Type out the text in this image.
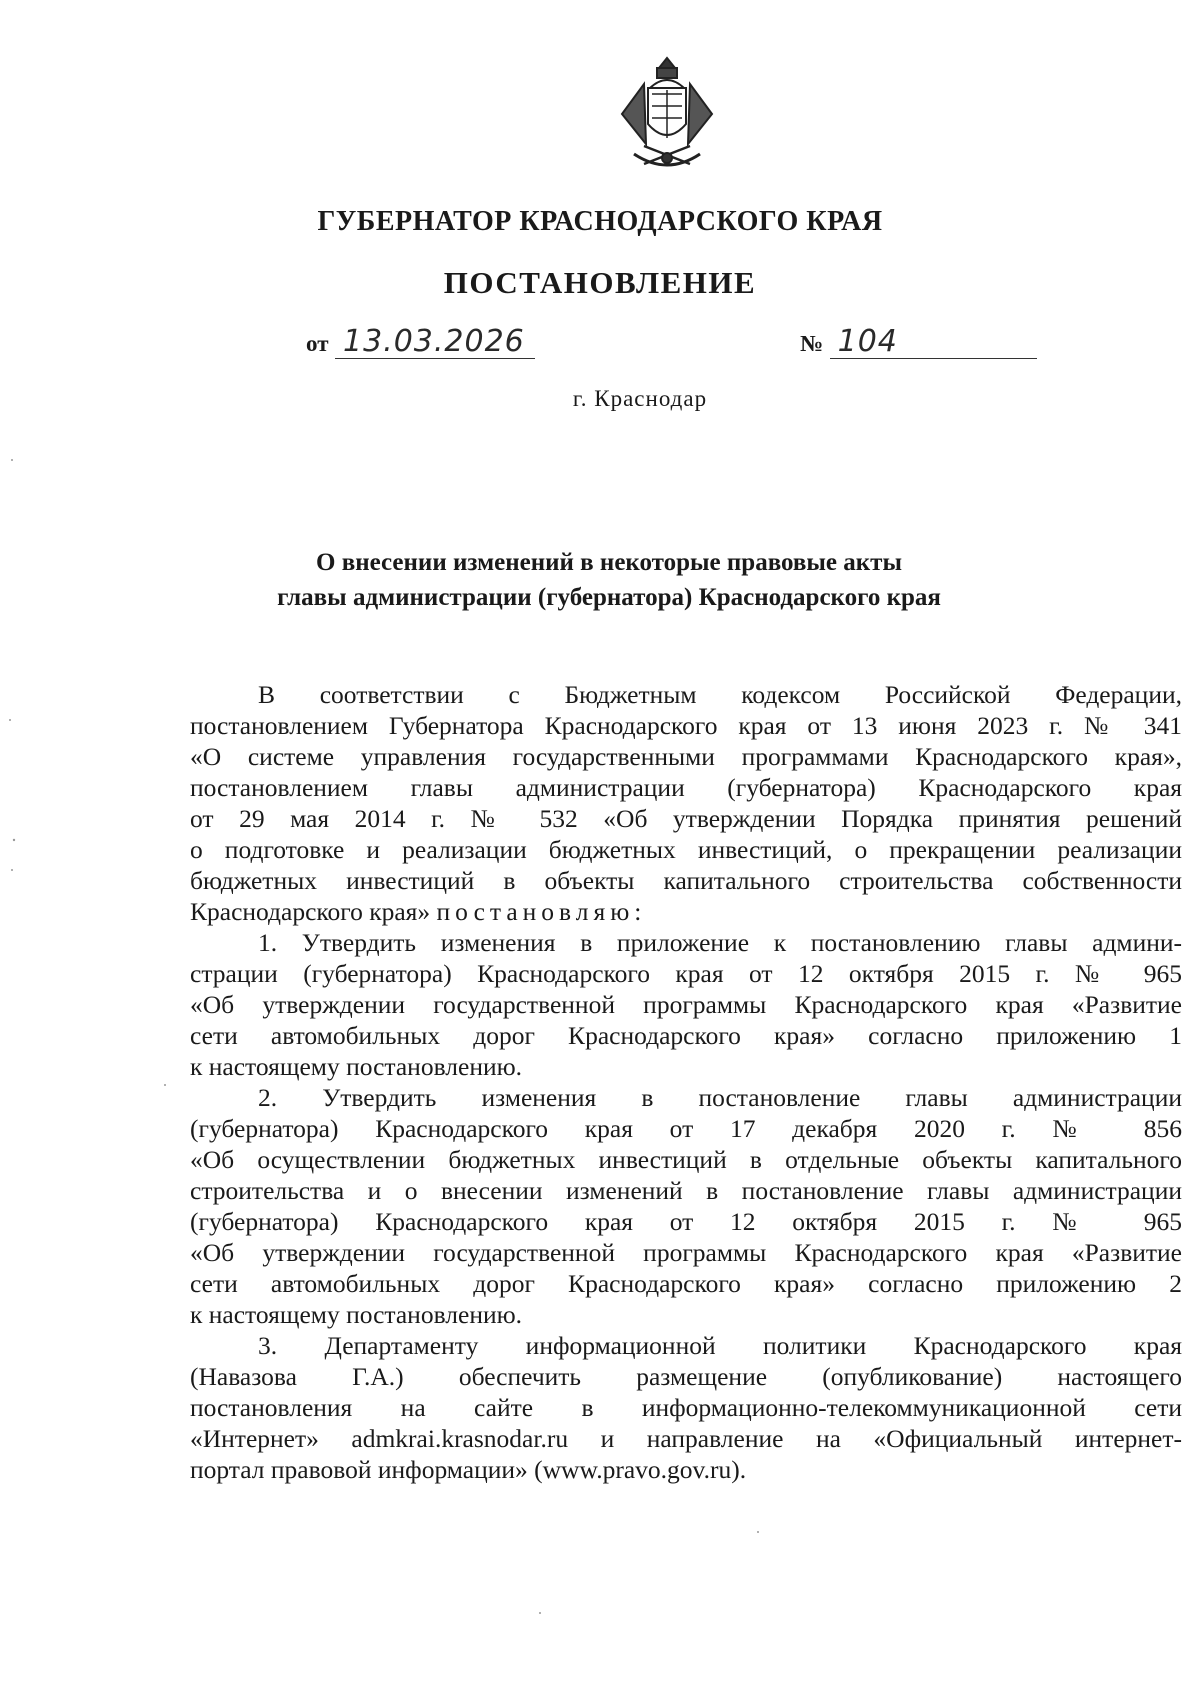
ГУБЕРНАТОР КРАСНОДАРСКОГО КРАЯ
ПОСТАНОВЛЕНИЕ
от 13.03.2026	№ 104
г. Краснодар
О внесении изменений в некоторые правовые акты
главы администрации (губернатора) Краснодарского края
В соответствии с Бюджетным кодексом Российской Федерации,
постановлением Губернатора Краснодарского края от 13 июня 2023 г. № 341
«О системе управления государственными программами Краснодарского края»,
постановлением главы администрации (губернатора) Краснодарского края
от 29 мая 2014 г. № 532 «Об утверждении Порядка принятия решений
о подготовке и реализации бюджетных инвестиций, о прекращении реализации
бюджетных инвестиций в объекты капитального строительства собственности
Краснодарского края» постановляю:
1. Утвердить изменения в приложение к постановлению главы админи-
страции (губернатора) Краснодарского края от 12 октября 2015 г. № 965
«Об утверждении государственной программы Краснодарского края «Развитие
сети автомобильных дорог Краснодарского края» согласно приложению 1
к настоящему постановлению.
2. Утвердить изменения в постановление главы администрации
(губернатора) Краснодарского края от 17 декабря 2020 г. № 856
«Об осуществлении бюджетных инвестиций в отдельные объекты капитального
строительства и о внесении изменений в постановление главы администрации
(губернатора) Краснодарского края от 12 октября 2015 г. № 965
«Об утверждении государственной программы Краснодарского края «Развитие
сети автомобильных дорог Краснодарского края» согласно приложению 2
к настоящему постановлению.
3. Департаменту информационной политики Краснодарского края
(Навазова Г.А.) обеспечить размещение (опубликование) настоящего
постановления на сайте в информационно-телекоммуникационной сети
«Интернет» admkrai.krasnodar.ru и направление на «Официальный интернет-
портал правовой информации» (www.pravo.gov.ru).
